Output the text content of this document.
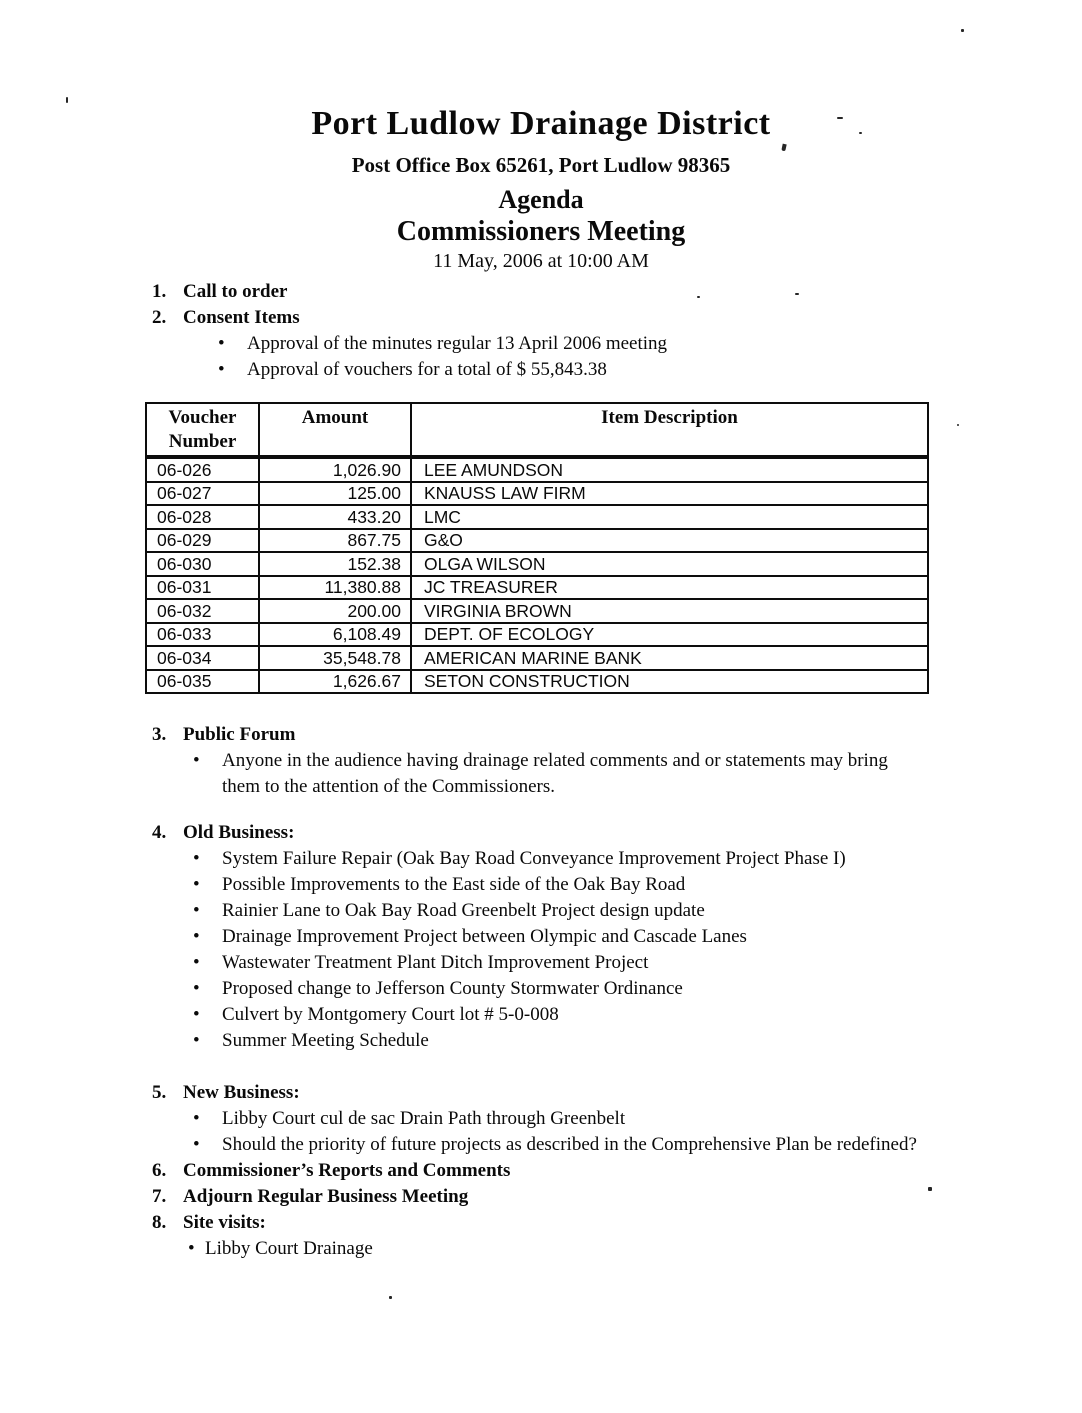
Port Ludlow Drainage District
Post Office Box 65261, Port Ludlow 98365
Agenda
Commissioners Meeting
11 May, 2006 at 10:00 AM
1. Call to order
2. Consent Items
•	Approval of the minutes regular 13 April 2006 meeting
•	Approval of vouchers for a total of $ 55,843.38
Voucher Number	Amount	Item Description
06-026	1,026.90	LEE AMUNDSON
06-027	125.00	KNAUSS LAW FIRM
06-028	433.20	LMC
06-029	867.75	G&O
06-030	152.38	OLGA WILSON
06-031	11,380.88	JC TREASURER
06-032	200.00	VIRGINIA BROWN
06-033	6,108.49	DEPT. OF ECOLOGY
06-034	35,548.78	AMERICAN MARINE BANK
06-035	1,626.67	SETON CONSTRUCTION
3. Public Forum
•	Anyone in the audience having drainage related comments and or statements may bring them to the attention of the Commissioners.
4. Old Business:
•	System Failure Repair (Oak Bay Road Conveyance Improvement Project Phase I)
•	Possible Improvements to the East side of the Oak Bay Road
•	Rainier Lane to Oak Bay Road Greenbelt Project design update
•	Drainage Improvement Project between Olympic and Cascade Lanes
•	Wastewater Treatment Plant Ditch Improvement Project
•	Proposed change to Jefferson County Stormwater Ordinance
•	Culvert by Montgomery Court lot # 5-0-008
•	Summer Meeting Schedule
5. New Business:
•	Libby Court cul de sac Drain Path through Greenbelt
•	Should the priority of future projects as described in the Comprehensive Plan be redefined?
6. Commissioner’s Reports and Comments
7. Adjourn Regular Business Meeting
8. Site visits:
• Libby Court Drainage
